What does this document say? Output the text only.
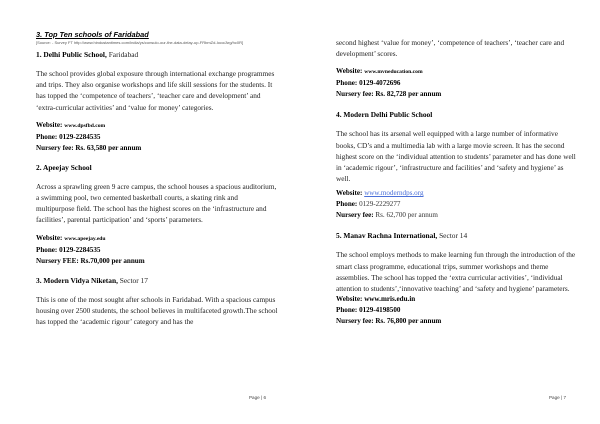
3. Top Ten schools of Faridabad
[Source: - Survey FT http://www.hindustantimes.com/india/ys/consulo-our-the-data-delay-up-FRbmZd-Ioco/Arg/hc0R]
1. Delhi Public School, Faridabad

The school provides global exposure through international exchange programmes and trips. They also organise workshops and life skill sessions for the students. It has topped the ‘competence of teachers’, ‘teacher care and development’ and ‘extra-curricular activities’ and ‘value for money’ categories.

Website: www.dpsfbd.com
Phone: 0129-2284535
Nursery fee: Rs. 63,580 per annum
2. Apeejay School

Across a sprawling green 9 acre campus, the school houses a spacious auditorium, a swimming pool, two cemented basketball courts, a skating rink and multipurpose field. The school has the highest scores on the ‘infrastructure and facilities’, parental participation’ and ‘sports’ parameters.

Website: www.apeejay.edu
Phone: 0129-2284535
Nursery FEE: Rs.70,000 per annum
3. Modern Vidya Niketan, Sector 17

This is one of the most sought after schools in Faridabad. With a spacious campus housing over 2500 students, the school believes in multifaceted growth.The school has topped the ‘academic rigour’ category and has the

Page | 6

second highest ‘value for money’, ‘competence of teachers’, ‘teacher care and development’ scores.

Website: www.mvneducation.com
Phone: 0129-4072696
Nursery fee: Rs. 82,728 per annum
4. Modern Delhi Public School

The school has its arsenal well equipped with a large number of informative books, CD’s and a multimedia lab with a large movie screen. It has the second highest score on the ‘individual attention to students’ parameter and has done well in ‘academic rigour’, ‘infrastructure and facilities’ and ‘safety and hygiene’ as well.

Website: www.moderndps.org
Phone: 0129-2229277
Nursery fee: Rs. 62,700 per annum
5. Manav Rachna International, Sector 14

The school employs methods to make learning fun through the introduction of the smart class programme, educational trips, summer workshops and theme assemblies. The school has topped the ‘extra curricular activities’, ‘individual attention to students’,‘innovative teaching’ and ‘safety and hygiene’ parameters.

Website: www.mris.edu.in
Phone: 0129-4198500
Nursery fee: Rs. 76,800 per annum
Page | 7
